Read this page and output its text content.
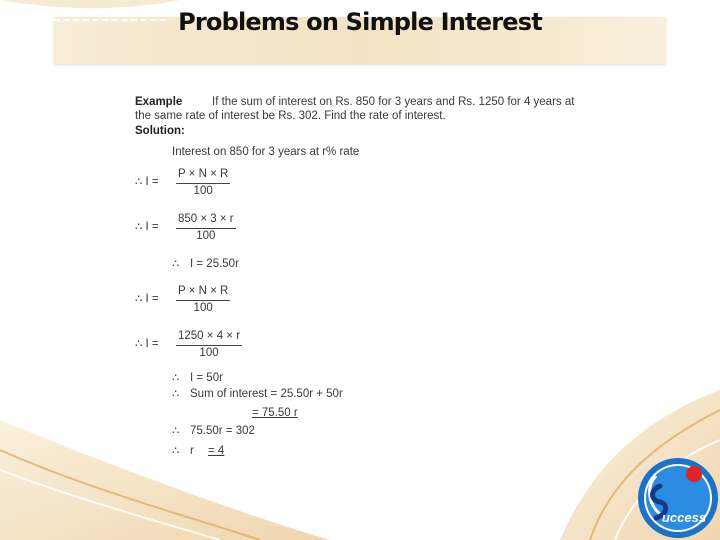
Problems on Simple Interest
Example	If the sum of interest on Rs. 850 for 3 years and Rs. 1250 for 4 years at
the same rate of interest be Rs. 302. Find the rate of interest.
Solution:
Interest on 850 for 3 years at r% rate
∴ $I = \frac{P \times N \times R}{100}$
∴ $I = \frac{850 \times 3 \times r}{100}$
∴ I = 25.50r
∴ $I = \frac{P \times N \times R}{100}$
∴ $I = \frac{1250 \times 4 \times r}{100}$
∴ I = 50r
∴ Sum of interest = 25.50r + 50r
= 75.50 r
∴ 75.50r = 302
∴ r = 4
uccess
